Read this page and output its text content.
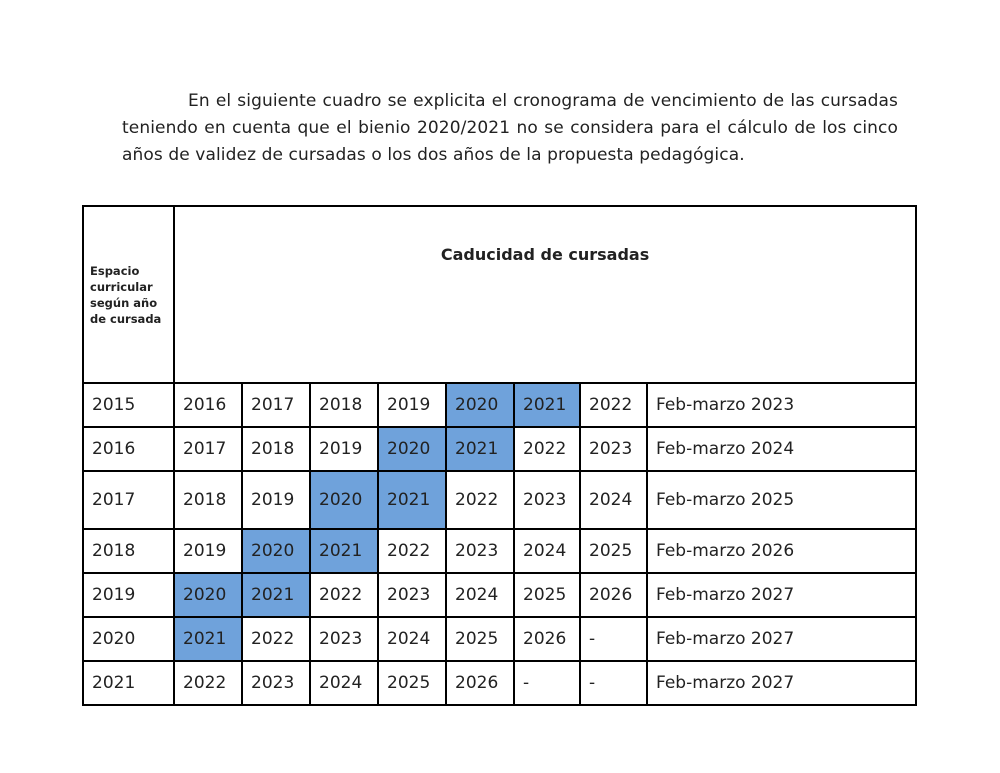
En el siguiente cuadro se explicita el cronograma de vencimiento de las cursadas teniendo en cuenta que el bienio 2020/2021 no se considera para el cálculo de los cinco años de validez de cursadas o los dos años de la propuesta pedagógica.

Espacio curricular según año de cursada	Caducidad de cursadas							
2015	2016	2017	2018	2019	2020	2021	2022	Feb-marzo 2023
2016	2017	2018	2019	2020	2021	2022	2023	Feb-marzo 2024
2017	2018	2019	2020	2021	2022	2023	2024	Feb-marzo 2025
2018	2019	2020	2021	2022	2023	2024	2025	Feb-marzo 2026
2019	2020	2021	2022	2023	2024	2025	2026	Feb-marzo 2027
2020	2021	2022	2023	2024	2025	2026	-	Feb-marzo 2027
2021	2022	2023	2024	2025	2026	-	-	Feb-marzo 2027
